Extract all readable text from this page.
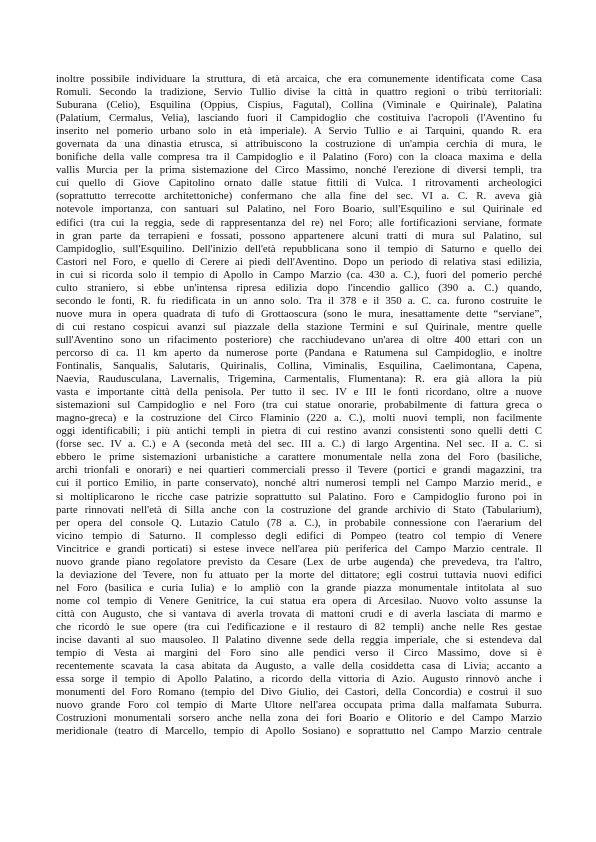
inoltre possibile individuare la struttura, di età arcaica, che era comunemente identificata come Casa
Romuli. Secondo la tradizione, Servio Tullio divise la città in quattro regioni o tribù territoriali:
Suburana (Celio), Esquilina (Oppius, Cispius, Fagutal), Collina (Viminale e Quirinale), Palatina
(Palatium, Cermalus, Velia), lasciando fuori il Campidoglio che costituiva l'acropoli (l'Aventino fu
inserito nel pomerio urbano solo in età imperiale). A Servio Tullio e ai Tarquini, quando R. era
governata da una dinastia etrusca, si attribuiscono la costruzione di un'ampia cerchia di mura, le
bonifiche della valle compresa tra il Campidoglio e il Palatino (Foro) con la cloaca maxima e della
vallis Murcia per la prima sistemazione del Circo Massimo, nonché l'erezione di diversi templi, tra
cui quello di Giove Capitolino ornato dalle statue fittili di Vulca. I ritrovamenti archeologici
(soprattutto terrecotte architettoniche) confermano che alla fine del sec. VI a. C. R. aveva già
notevole importanza, con santuari sul Palatino, nel Foro Boario, sull'Esquilino e sul Quirinale ed
edifici (tra cui la reggia, sede di rappresentanza del re) nel Foro; alle fortificazioni serviane, formate
in gran parte da terrapieni e fossati, possono appartenere alcuni tratti di mura sul Palatino, sul
Campidoglio, sull'Esquilino. Dell'inizio dell'età repubblicana sono il tempio di Saturno e quello dei
Castori nel Foro, e quello di Cerere ai piedi dell'Aventino. Dopo un periodo di relativa stasi edilizia,
in cui si ricorda solo il tempio di Apollo in Campo Marzio (ca. 430 a. C.), fuori del pomerio perché
culto straniero, si ebbe un'intensa ripresa edilizia dopo l'incendio gallico (390 a. C.) quando,
secondo le fonti, R. fu riedificata in un anno solo. Tra il 378 e il 350 a. C. ca. furono costruite le
nuove mura in opera quadrata di tufo di Grottaoscura (sono le mura, inesattamente dette “serviane”,
di cui restano cospicui avanzi sul piazzale della stazione Termini e sul Quirinale, mentre quelle
sull'Aventino sono un rifacimento posteriore) che racchiudevano un'area di oltre 400 ettari con un
percorso di ca. 11 km aperto da numerose porte (Pandana e Ratumena sul Campidoglio, e inoltre
Fontinalis, Sanqualis, Salutaris, Quirinalis, Collina, Viminalis, Esquilina, Caelimontana, Capena,
Naevia, Raudusculana, Lavernalis, Trigemina, Carmentalis, Flumentana): R. era già allora la più
vasta e importante città della penisola. Per tutto il sec. IV e III le fonti ricordano, oltre a nuove
sistemazioni sul Campidoglio e nel Foro (tra cui statue onorarie, probabilmente di fattura greca o
magno-greca) e la costruzione del Circo Flaminio (220 a. C.), molti nuovi templi, non facilmente
oggi identificabili; i più antichi templi in pietra di cui restino avanzi consistenti sono quelli detti C
(forse sec. IV a. C.) e A (seconda metà del sec. III a. C.) di largo Argentina. Nel sec. II a. C. si
ebbero le prime sistemazioni urbanistiche a carattere monumentale nella zona del Foro (basiliche,
archi trionfali e onorari) e nei quartieri commerciali presso il Tevere (portici e grandi magazzini, tra
cui il portico Emilio, in parte conservato), nonché altri numerosi templi nel Campo Marzio merid., e
si moltiplicarono le ricche case patrizie soprattutto sul Palatino. Foro e Campidoglio furono poi in
parte rinnovati nell'età di Silla anche con la costruzione del grande archivio di Stato (Tabularium),
per opera del console Q. Lutazio Catulo (78 a. C.), in probabile connessione con l'aerarium del
vicino tempio di Saturno. Il complesso degli edifici di Pompeo (teatro col tempio di Venere
Vincitrice e grandi porticati) si estese invece nell'area più periferica del Campo Marzio centrale. Il
nuovo grande piano regolatore previsto da Cesare (Lex de urbe augenda) che prevedeva, tra l'altro,
la deviazione del Tevere, non fu attuato per la morte del dittatore; egli costruì tuttavia nuovi edifici
nel Foro (basilica e curia Iulia) e lo ampliò con la grande piazza monumentale intitolata al suo
nome col tempio di Venere Genitrice, la cui statua era opera di Arcesilao. Nuovo volto assunse la
città con Augusto, che si vantava di averla trovata di mattoni crudi e di averla lasciata di marmo e
che ricordò le sue opere (tra cui l'edificazione e il restauro di 82 templi) anche nelle Res gestae
incise davanti al suo mausoleo. Il Palatino divenne sede della reggia imperiale, che si estendeva dal
tempio di Vesta ai margini del Foro sino alle pendici verso il Circo Massimo, dove si è
recentemente scavata la casa abitata da Augusto, a valle della cosiddetta casa di Livia; accanto a
essa sorge il tempio di Apollo Palatino, a ricordo della vittoria di Azio. Augusto rinnovò anche i
monumenti del Foro Romano (tempio del Divo Giulio, dei Castori, della Concordia) e costruì il suo
nuovo grande Foro col tempio di Marte Ultore nell'area occupata prima dalla malfamata Suburra.
Costruzioni monumentali sorsero anche nella zona dei fori Boario e Olitorio e del Campo Marzio
meridionale (teatro di Marcello, tempio di Apollo Sosiano) e soprattutto nel Campo Marzio centrale
